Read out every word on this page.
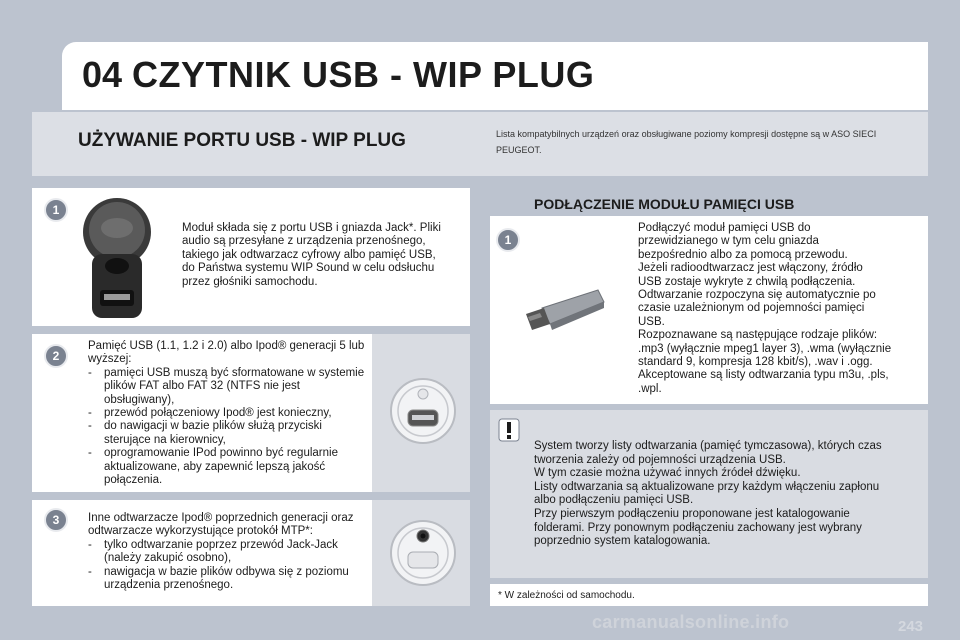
04 CZYTNIK USB - WIP PLUG
UŻYWANIE PORTU USB - WIP PLUG	Lista kompatybilnych urządzeń oraz obsługiwane poziomy kompresji dostępne są w ASO SIECI PEUGEOT.
1
Moduł składa się z portu USB i gniazda Jack*. Pliki audio są przesyłane z urządzenia przenośnego, takiego jak odtwarzacz cyfrowy albo pamięć USB, do Państwa systemu WIP Sound w celu odsłuchu przez głośniki samochodu.
2
Pamięć USB (1.1, 1.2 i 2.0) albo Ipod® generacji 5 lub wyższej:
- pamięci USB muszą być sformatowane w systemie plików FAT albo FAT 32 (NTFS nie jest obsługiwany),
- przewód połączeniowy Ipod® jest konieczny,
- do nawigacji w bazie plików służą przyciski sterujące na kierownicy,
- oprogramowanie IPod powinno być regularnie aktualizowane, aby zapewnić lepszą jakość połączenia.
3	Inne odtwarzacze Ipod® poprzednich generacji oraz odtwarzacze wykorzystujące protokół MTP*:
- tylko odtwarzanie poprzez przewód Jack-Jack (należy zakupić osobno),
- nawigacja w bazie plików odbywa się z poziomu urządzenia przenośnego.
PODŁĄCZENIE MODUŁU PAMIĘCI USB
1
Podłączyć moduł pamięci USB do
przewidzianego w tym celu gniazda
bezpośrednio albo za pomocą przewodu.
Jeżeli radioodtwarzacz jest włączony, źródło
USB zostaje wykryte z chwilą podłączenia.
Odtwarzanie rozpoczyna się automatycznie po
czasie uzależnionym od pojemności pamięci
USB.
Rozpoznawane są następujące rodzaje plików:
.mp3 (wyłącznie mpeg1 layer 3), .wma (wyłącznie
standard 9, kompresja 128 kbit/s), .wav i .ogg.
Akceptowane są listy odtwarzania typu m3u, .pls,
.wpl.
System tworzy listy odtwarzania (pamięć tymczasowa), których czas
tworzenia zależy od pojemności urządzenia USB.
W tym czasie można używać innych źródeł dźwięku.
Listy odtwarzania są aktualizowane przy każdym włączeniu zapłonu
albo podłączeniu pamięci USB.
Przy pierwszym podłączeniu proponowane jest katalogowanie
folderami. Przy ponownym podłączeniu zachowany jest wybrany
poprzednio system katalogowania.
* W zależności od samochodu.
carmanualsonline.info	243
